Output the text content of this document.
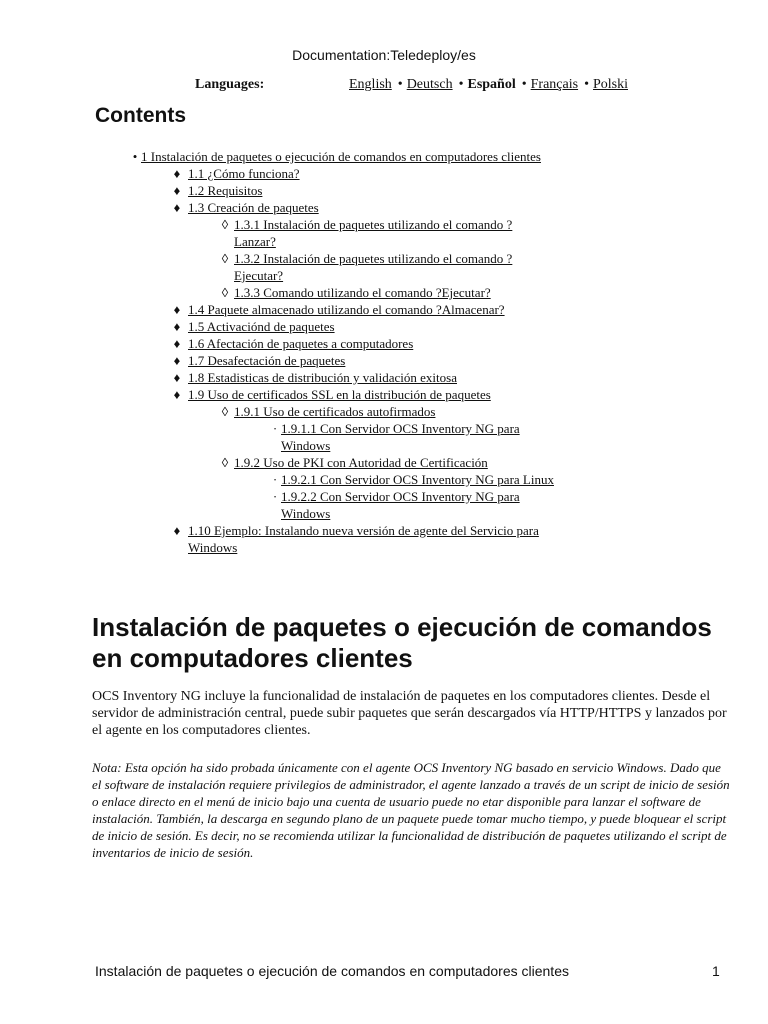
Documentation:Teledeploy/es
Languages:	English • Deutsch • Español • Français • Polski
Contents
• 1 Instalación de paquetes o ejecución de comandos en computadores clientes
♦ 1.1 ¿Cómo funciona?
♦ 1.2 Requisitos
♦ 1.3 Creación de paquetes
◊ 1.3.1 Instalación de paquetes utilizando el comando ?Lanzar?
◊ 1.3.2 Instalación de paquetes utilizando el comando ?Ejecutar?
◊ 1.3.3 Comando utilizando el comando ?Ejecutar?
♦ 1.4 Paquete almacenado utilizando el comando ?Almacenar?
♦ 1.5 Activaciónd de paquetes
♦ 1.6 Afectación de paquetes a computadores
♦ 1.7 Desafectación de paquetes
♦ 1.8 Estadisticas de distribución y validación exitosa
♦ 1.9 Uso de certificados SSL en la distribución de paquetes
◊ 1.9.1 Uso de certificados autofirmados
· 1.9.1.1 Con Servidor OCS Inventory NG para Windows
◊ 1.9.2 Uso de PKI con Autoridad de Certificación
· 1.9.2.1 Con Servidor OCS Inventory NG para Linux
· 1.9.2.2 Con Servidor OCS Inventory NG para Windows
♦ 1.10 Ejemplo: Instalando nueva versión de agente del Servicio para Windows
Instalación de paquetes o ejecución de comandos en computadores clientes

OCS Inventory NG incluye la funcionalidad de instalación de paquetes en los computadores clientes. Desde el servidor de administración central, puede subir paquetes que serán descargados vía HTTP/HTTPS y lanzados por el agente en los computadores clientes.

Nota: Esta opción ha sido probada únicamente con el agente OCS Inventory NG basado en servicio Windows. Dado que el software de instalación requiere privilegios de administrador, el agente lanzado a través de un script de inicio de sesión o enlace directo en el menú de inicio bajo una cuenta de usuario puede no etar disponible para lanzar el software de instalación. También, la descarga en segundo plano de un paquete puede tomar mucho tiempo, y puede bloquear el script de inicio de sesión. Es decir, no se recomienda utilizar la funcionalidad de distribución de paquetes utilizando el script de inventarios de inicio de sesión.

Instalación de paquetes o ejecución de comandos en computadores clientes	1
